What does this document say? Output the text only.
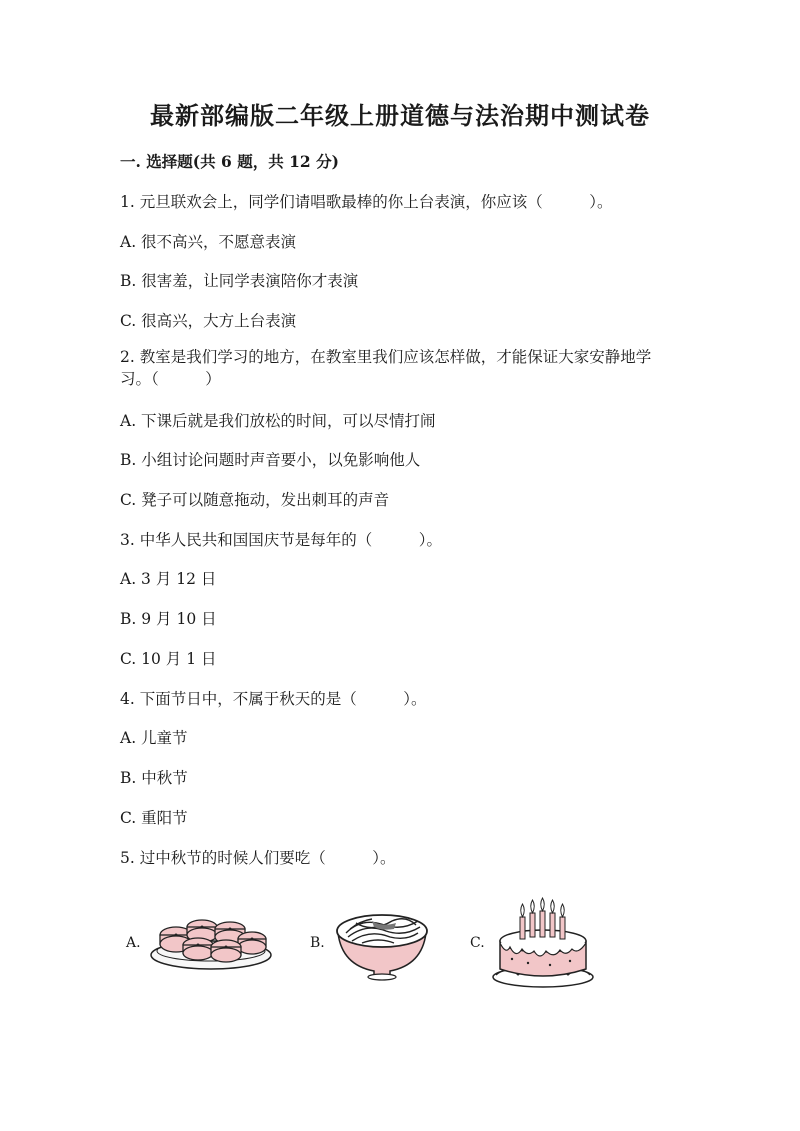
最新部编版二年级上册道德与法治期中测试卷
一. 选择题(共 6 题，共 12 分)
1. 元旦联欢会上，同学们请唱歌最棒的你上台表演，你应该（　　　）。
A. 很不高兴，不愿意表演
B. 很害羞，让同学表演陪你才表演
C. 很高兴，大方上台表演
2. 教室是我们学习的地方，在教室里我们应该怎样做，才能保证大家安静地学习。（　　　）
A. 下课后就是我们放松的时间，可以尽情打闹
B. 小组讨论问题时声音要小，以免影响他人
C. 凳子可以随意拖动，发出刺耳的声音
3. 中华人民共和国国庆节是每年的（　　　）。
A. 3 月 12 日
B. 9 月 10 日
C. 10 月 1 日
4. 下面节日中，不属于秋天的是（　　　）。
A. 儿童节
B. 中秋节
C. 重阳节
5. 过中秋节的时候人们要吃（　　　）。
A.	B.	C.
